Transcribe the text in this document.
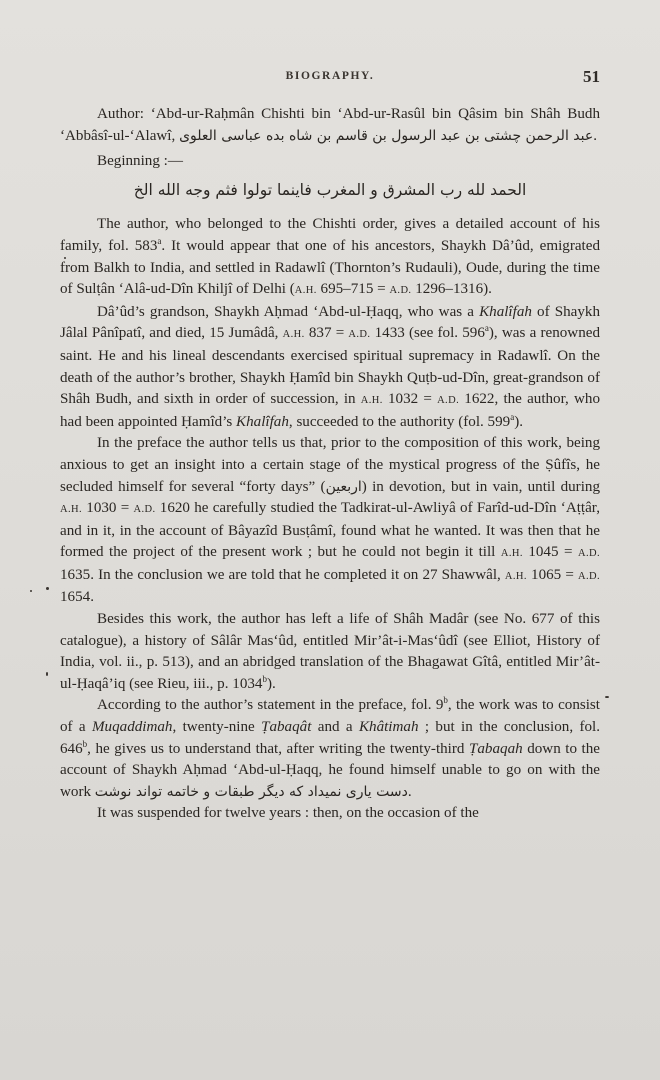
BIOGRAPHY.	51

Author: ‘Abd-ur-Raḥmân Chishti bin ‘Abd-ur-Rasûl bin Qâsim bin Shâh Budh ‘Abbâsî-ul-‘Alawî, عبد الرحمن چشتی بن عبد الرسول بن قاسم بن شاه بده عباسی العلوی.

Beginning :—

الحمد لله رب المشرق و المغرب فاینما تولوا فثم وجه الله الخ

The author, who belonged to the Chishti order, gives a detailed account of his family, fol. 583$^a$. It would appear that one of his ancestors, Shaykh Dâ’ûd, emigrated from Balkh to India, and settled in Radawlî (Thornton’s Rudauli), Oude, during the time of Sulṭân ‘Alâ-ud-Dîn Khiljî of Delhi (A.H. 695–715 = A.D. 1296–1316).

Dâ’ûd’s grandson, Shaykh Aḥmad ‘Abd-ul-Ḥaqq, who was a Khalîfah of Shaykh Jâlal Pânîpatî, and died, 15 Jumâdâ, A.H. 837 = A.D. 1433 (see fol. 596$^a$), was a renowned saint. He and his lineal descendants exercised spiritual supremacy in Radawlî. On the death of the author’s brother, Shaykh Ḥamîd bin Shaykh Quṭb-ud-Dîn, great-grandson of Shâh Budh, and sixth in order of succession, in A.H. 1032 = A.D. 1622, the author, who had been appointed Ḥamîd’s Khalîfah, succeeded to the authority (fol. 599$^a$).

In the preface the author tells us that, prior to the composition of this work, being anxious to get an insight into a certain stage of the mystical progress of the Ṣûfîs, he secluded himself for several “forty days” (اربعین) in devotion, but in vain, until during A.H. 1030 = A.D. 1620 he carefully studied the Tadkirat-ul-Awliyâ of Farîd-ud-Dîn ‘Aṭṭâr, and in it, in the account of Bâyazîd Busṭâmî, found what he wanted. It was then that he formed the project of the present work ; but he could not begin it till A.H. 1045 = A.D. 1635. In the conclusion we are told that he completed it on 27 Shawwâl, A.H. 1065 = A.D. 1654.

Besides this work, the author has left a life of Shâh Madâr (see No. 677 of this catalogue), a history of Sâlâr Mas‘ûd, entitled Mir’ât-i-Mas‘ûdî (see Elliot, History of India, vol. ii., p. 513), and an abridged translation of the Bhagawat Gîtâ, entitled Mir’ât-ul-Ḥaqâ’iq (see Rieu, iii., p. 1034$^b$).

According to the author’s statement in the preface, fol. 9$^b$, the work was to consist of a Muqaddimah, twenty-nine Ṭabaqât and a Khâtimah ; but in the conclusion, fol. 646$^b$, he gives us to understand that, after writing the twenty-third Ṭabaqah down to the account of Shaykh Aḥmad ‘Abd-ul-Ḥaqq, he found himself unable to go on with the work دست یاری نمیداد که دیگر طبقات و خاتمه تواند نوشت.

It was suspended for twelve years : then, on the occasion of the
